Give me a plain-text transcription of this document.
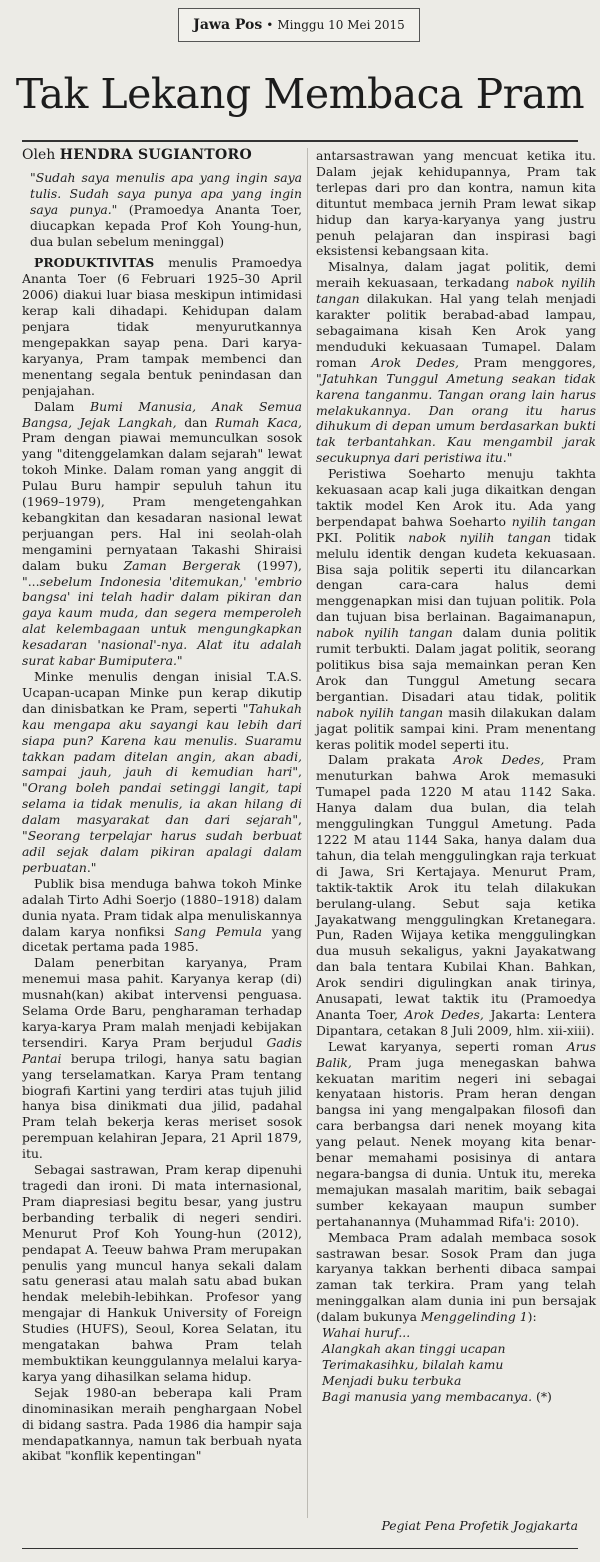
Jawa Pos • Minggu 10 Mei 2015
Tak Lekang Membaca Pram
Oleh HENDRA SUGIANTORO

"Sudah saya menulis apa yang ingin saya tulis. Sudah saya punya apa yang ingin saya punya." (Pramoedya Ananta Toer, diucapkan kepada Prof Koh Young-hun, dua bulan sebelum meninggal)

PRODUKTIVITAS menulis Pramoedya Ananta Toer (6 Februari 1925–30 April 2006) diakui luar biasa meskipun intimidasi kerap kali dihadapi. Kehidupan dalam penjara tidak menyurutkannya mengepakkan sayap pena. Dari karya-karyanya, Pram tampak membenci dan menentang segala bentuk penindasan dan penjajahan.

Dalam Bumi Manusia, Anak Semua Bangsa, Jejak Langkah, dan Rumah Kaca, Pram dengan piawai memunculkan sosok yang "ditenggelamkan dalam sejarah" lewat tokoh Minke. Dalam roman yang anggit di Pulau Buru hampir sepuluh tahun itu (1969–1979), Pram mengetengahkan kebangkitan dan kesadaran nasional lewat perjuangan pers. Hal ini seolah-olah mengamini pernyataan Takashi Shiraisi dalam buku Zaman Bergerak (1997), "...sebelum Indonesia 'ditemukan,' 'embrio bangsa' ini telah hadir dalam pikiran dan gaya kaum muda, dan segera memperoleh alat kelembagaan untuk mengungkapkan kesadaran 'nasional'-nya. Alat itu adalah surat kabar Bumiputera."

Minke menulis dengan inisial T.A.S. Ucapan-ucapan Minke pun kerap dikutip dan dinisbatkan ke Pram, seperti "Tahukah kau mengapa aku sayangi kau lebih dari siapa pun? Karena kau menulis. Suaramu takkan padam ditelan angin, akan abadi, sampai jauh, jauh di kemudian hari", "Orang boleh pandai setinggi langit, tapi selama ia tidak menulis, ia akan hilang di dalam masyarakat dan dari sejarah", "Seorang terpelajar harus sudah berbuat adil sejak dalam pikiran apalagi dalam perbuatan."

Publik bisa menduga bahwa tokoh Minke adalah Tirto Adhi Soerjo (1880–1918) dalam dunia nyata. Pram tidak alpa menuliskannya dalam karya nonfiksi Sang Pemula yang dicetak pertama pada 1985.

Dalam penerbitan karyanya, Pram menemui masa pahit. Karyanya kerap (di) musnah(kan) akibat intervensi penguasa. Selama Orde Baru, pengharaman terhadap karya-karya Pram malah menjadi kebijakan tersendiri. Karya Pram berjudul Gadis Pantai berupa trilogi, hanya satu bagian yang terselamatkan. Karya Pram tentang biografi Kartini yang terdiri atas tujuh jilid hanya bisa dinikmati dua jilid, padahal Pram telah bekerja keras meriset sosok perempuan kelahiran Jepara, 21 April 1879, itu.

Sebagai sastrawan, Pram kerap dipenuhi tragedi dan ironi. Di mata internasional, Pram diapresiasi begitu besar, yang justru berbanding terbalik di negeri sendiri. Menurut Prof Koh Young-hun (2012), pendapat A. Teeuw bahwa Pram merupakan penulis yang muncul hanya sekali dalam satu generasi atau malah satu abad bukan hendak melebih-lebihkan. Profesor yang mengajar di Hankuk University of Foreign Studies (HUFS), Seoul, Korea Selatan, itu mengatakan bahwa Pram telah membuktikan keunggulannya melalui karya-karya yang dihasilkan selama hidup.

Sejak 1980-an beberapa kali Pram dinominasikan meraih penghargaan Nobel di bidang sastra. Pada 1986 dia hampir saja mendapatkannya, namun tak berbuah nyata akibat "konflik kepentingan"

antarsastrawan yang mencuat ketika itu. Dalam jejak kehidupannya, Pram tak terlepas dari pro dan kontra, namun kita dituntut membaca jernih Pram lewat sikap hidup dan karya-karyanya yang justru penuh pelajaran dan inspirasi bagi eksistensi kebangsaan kita.

Misalnya, dalam jagat politik, demi meraih kekuasaan, terkadang nabok nyilih tangan dilakukan. Hal yang telah menjadi karakter politik berabad-abad lampau, sebagaimana kisah Ken Arok yang menduduki kekuasaan Tumapel. Dalam roman Arok Dedes, Pram menggores, "Jatuhkan Tunggul Ametung seakan tidak karena tanganmu. Tangan orang lain harus melakukannya. Dan orang itu harus dihukum di depan umum berdasarkan bukti tak terbantahkan. Kau mengambil jarak secukupnya dari peristiwa itu."

Peristiwa Soeharto menuju takhta kekuasaan acap kali juga dikaitkan dengan taktik model Ken Arok itu. Ada yang berpendapat bahwa Soeharto nyilih tangan PKI. Politik nabok nyilih tangan tidak melulu identik dengan kudeta kekuasaan. Bisa saja politik seperti itu dilancarkan dengan cara-cara halus demi menggenapkan misi dan tujuan politik. Pola dan tujuan bisa berlainan. Bagaimanapun, nabok nyilih tangan dalam dunia politik rumit terbukti. Dalam jagat politik, seorang politikus bisa saja memainkan peran Ken Arok dan Tunggul Ametung secara bergantian. Disadari atau tidak, politik nabok nyilih tangan masih dilakukan dalam jagat politik sampai kini. Pram menentang keras politik model seperti itu.

Dalam prakata Arok Dedes, Pram menuturkan bahwa Arok memasuki Tumapel pada 1220 M atau 1142 Saka. Hanya dalam dua bulan, dia telah menggulingkan Tunggul Ametung. Pada 1222 M atau 1144 Saka, hanya dalam dua tahun, dia telah menggulingkan raja terkuat di Jawa, Sri Kertajaya. Menurut Pram, taktik-taktik Arok itu telah dilakukan berulang-ulang. Sebut saja ketika Jayakatwang menggulingkan Kretanegara. Pun, Raden Wijaya ketika menggulingkan dua musuh sekaligus, yakni Jayakatwang dan bala tentara Kubilai Khan. Bahkan, Arok sendiri digulingkan anak tirinya, Anusapati, lewat taktik itu (Pramoedya Ananta Toer, Arok Dedes, Jakarta: Lentera Dipantara, cetakan 8 Juli 2009, hlm. xii-xiii).

Lewat karyanya, seperti roman Arus Balik, Pram juga menegaskan bahwa kekuatan maritim negeri ini sebagai kenyataan historis. Pram heran dengan bangsa ini yang mengalpakan filosofi dan cara berbangsa dari nenek moyang kita yang pelaut. Nenek moyang kita benar-benar memahami posisinya di antara negara-bangsa di dunia. Untuk itu, mereka memajukan masalah maritim, baik sebagai sumber kekayaan maupun sumber pertahanannya (Muhammad Rifa'i: 2010).

Membaca Pram adalah membaca sosok sastrawan besar. Sosok Pram dan juga karyanya takkan berhenti dibaca sampai zaman tak terkira. Pram yang telah meninggalkan alam dunia ini pun bersajak (dalam bukunya Menggelinding 1):

Wahai huruf...
Alangkah akan tinggi ucapan
Terimakasihku, bilalah kamu
Menjadi buku terbuka
Bagi manusia yang membacanya. (*)
Pegiat Pena Profetik Jogjakarta
